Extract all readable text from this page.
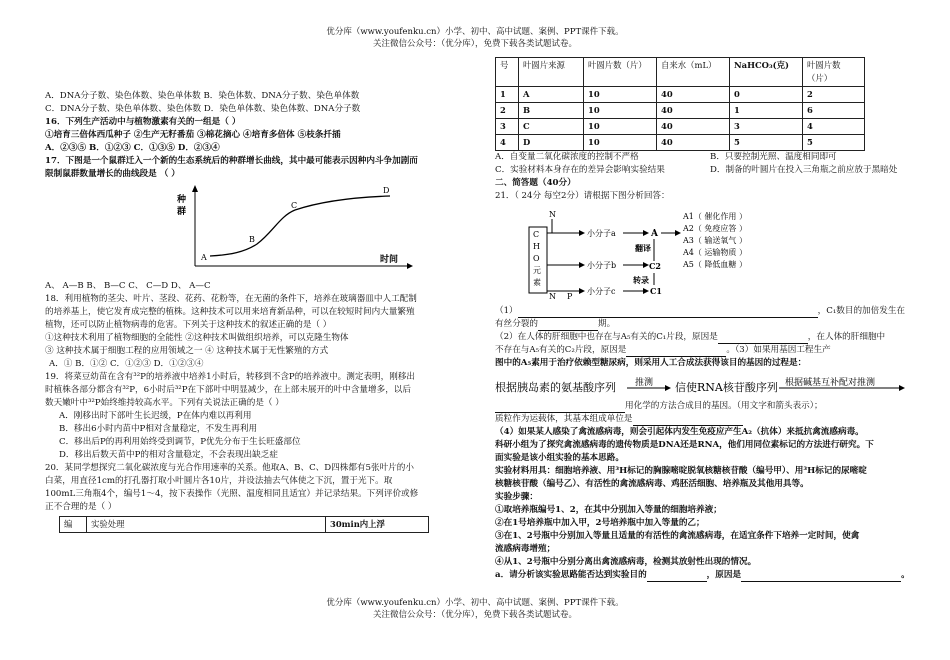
优分库（www.youfenku.cn）小学、初中、高中试题、案例、PPT课件下载。
关注微信公众号：（优分库），免费下载各类试题试卷。

A．DNA分子数、染色体数、染色单体数 B．染色体数、DNA分子数、染色单体数

C．DNA分子数、染色单体数、染色体数 D．染色单体数、染色体数、DNA分子数

16．下列生产活动中与植物激素有关的一组是（ ）

①培育三倍体西瓜种子 ②生产无籽番茄 ③棉花摘心 ④培育多倍体 ⑤枝条扦插

A．②③⑤ B．①②③ C．①③⑤ D．②③④

17．下图是一个鼠群迁入一个新的生态系统后的种群增长曲线，其中最可能表示因种内斗争加剧而

限制鼠群数量增长的曲线段是 （ ）

种
群
时间
A
B
C
D

A、 A—B B、 B—C C、 C—D D、 A—C

18．利用植物的茎尖、叶片、茎段、花药、花粉等，在无菌的条件下，培养在玻璃器皿中人工配制

的培养基上，使它发育成完整的植株。这种技术可以用来培育新品种，可以在较短时间内大量繁殖

植物，还可以防止植物病毒的危害。下列关于这种技术的叙述正确的是（ ）

①这种技术利用了植物细胞的全能性 ②这种技术叫做组织培养，可以克隆生物体

③ 这种技术属于细胞工程的应用领域之一 ④ 这种技术属于无性繁殖的方式

A．① B．①② C．①②③ D．①②③④

19．将菜豆幼苗在含有³²P的培养液中培养1小时后，转移到不含P的培养液中。测定表明，刚移出

时植株各部分都含有³²P，6小时后³²P在下部叶中明显减少，在上部未展开的叶中含量增多，以后

数天嫩叶中³²P始终维持较高水平。下列有关说法正确的是（ ）

A．刚移出时下部叶生长迟缓，P在体内难以再利用

B．移出6小时内苗中P相对含量稳定，不发生再利用

C．移出后P的再利用始终受到调节，P优先分布于生长旺盛部位

D．移出后数天苗中P的相对含量稳定，不会表现出缺乏症

20．某同学想探究二氧化碳浓度与光合作用速率的关系。他取A、B、C、D四株都有5张叶片的小

白菜，用直径1cm的打孔器打取小叶圆片各10片，并设法抽去气体使之下沉，置于光下。取

100mL三角瓶4个，编号1～4，按下表操作（光照、温度相同且适宜）并记录结果。下列评价或修

正不合理的是（ ）

编	实验处理	30min内上浮
号	叶圆片来源	叶圆片数（片）	自来水（mL）	NaHCO₃(克)	叶圆片数（片）
1	A	10	40	0	2
2	B	10	40	1	6
3	C	10	40	3	4
4	D	10	40	5	5

A．自变量二氧化碳浓度的控制不严格	B．只要控制光照、温度相同即可

C．实验材料本身存在的差异会影响实验结果	D．制备的叶圆片在投入三角瓶之前应放于黑暗处

二、简答题（40分）

21．（ 24分 每空2分）请根据下图分析回答：

C
H
O
元
素
N
小分子a	A
翻译
C2
小分子b
转录
小分子c	C1
A1（ 催化作用 ）
A2（ 免疫应答 ）
A3（ 输送氧气 ）
A4（ 运输物质 ）
A5（ 降低血糖 ）
N P

（1）	，C₁数目的加倍发生在

有丝分裂的	期。

（2）在人体的肝细胞中也存在与A₅有关的C₁片段，原因是	，在人体的肝细胞中

不存在与A₅有关的C₂片段，原因是	。（3）如果用基因工程生产

图中的A₅素用于治疗依赖型糖尿病，则采用人工合成法获得该目的基因的过程是：

根据胰岛素的氨基酸序列 推测 信使RNA核苷酸序列 根据碱基互补配对推测

用化学的方法合成目的基因。（用文字和箭头表示）；

质粒作为运载体，其基本组成单位是

（4）如果某人感染了禽流感病毒，则会引起体内发生免疫应产生A₂（抗体）来抵抗禽流感病毒。

科研小组为了探究禽流感病毒的遗传物质是DNA还是RNA，他们用同位素标记的方法进行研究。下

面实验是该小组实验的基本思路。

实验材料用具：细胞培养液、用³H标记的胸腺嘧啶脱氧核糖核苷酸（编号甲）、用³H标记的尿嘧啶

核糖核苷酸（编号乙）、有活性的禽流感病毒、鸡胚活细胞、培养瓶及其他用具等。

实验步骤：

①取培养瓶编号1、2，在其中分别加入等量的细胞培养液；

②在1号培养瓶中加入甲，2号培养瓶中加入等量的乙；

③在1、2号瓶中分别加入等量且适量的有活性的禽流感病毒，在适宜条件下培养一定时间，使禽

流感病毒增殖；

④从1、2号瓶中分别分离出禽流感病毒，检测其放射性出现的情况。

a．请分析该实验思路能否达到实验目的	，原因是	。

优分库（www.youfenku.cn）小学、初中、高中试题、案例、PPT课件下载。
关注微信公众号：（优分库），免费下载各类试题试卷。
